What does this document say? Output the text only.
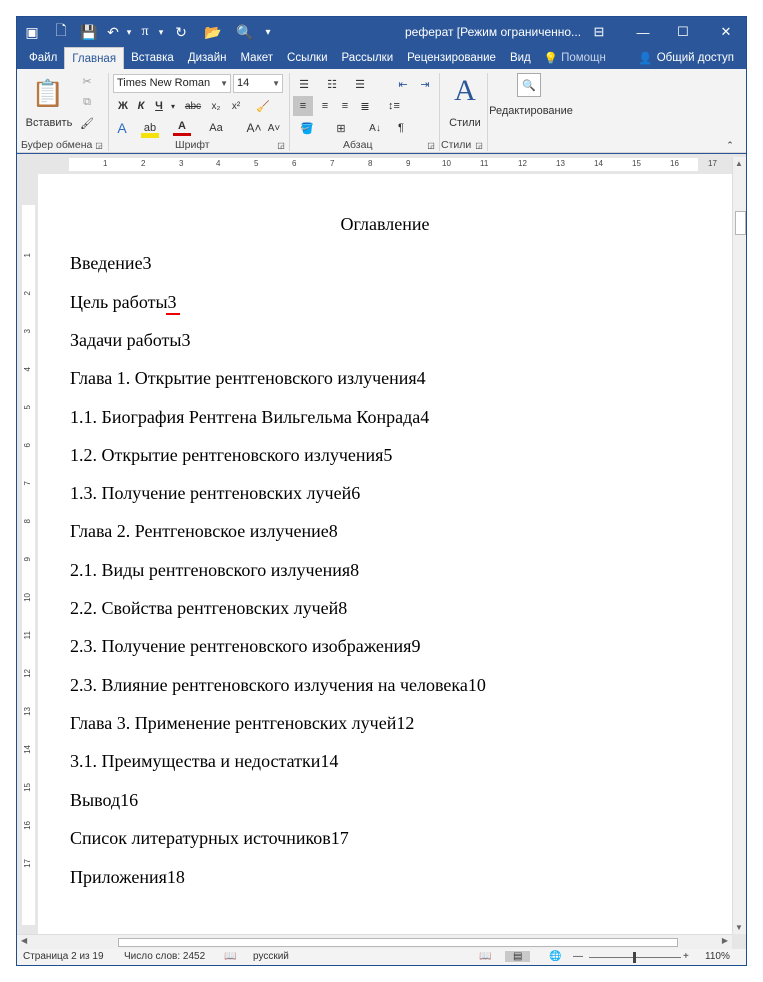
▣	🗋 💾 ↶ ▾ π	▾ ↻	📂	🔍	▾	реферат [Режим ограниченно... ⊟	—	☐	✕
Файл	Главная	Вставка	Дизайн	Макет	Ссылки	Рассылки	Рецензирование	Вид	💡 Помощн	👤 Общий доступ
📋
Вставить
✂
⧉
🖌
Буфер обмена ◲
Times New Roman ▼ 14	▼
Ж К Ч	▾ abc	x₂	x²	🧹
A	ab	A	Aa	A˄ A˅
Шрифт	◲
☰	☷	☰	⇤	⇥
≡	≡	≡	≣	↕≡
🪣	⊞	A↓	¶
Абзац	◲
A
Стили
Стили ◲
🔍
Редактирование
⌃
1	2	3	4	5	6	7	8	9	10	11	12	13	14	15	16	17
1
2
3
4
5
6
7
8
9
10
11
12
13
14
15
16
17
Оглавление
Введение3
Цель работы3
Задачи работы3
Глава 1. Открытие рентгеновского излучения4
1.1. Биография Рентгена Вильгельма Конрада4
1.2. Открытие рентгеновского излучения5
1.3. Получение рентгеновских лучей6
Глава 2. Рентгеновское излучение8
2.1. Виды рентгеновского излучения8
2.2. Свойства рентгеновских лучей8
2.3. Получение рентгеновского изображения9
2.3. Влияние рентгеновского излучения на человека10
Глава 3. Применение рентгеновских лучей12
3.1. Преимущества и недостатки14
Вывод16
Список литературных источников17
Приложения18
▲
▼
◀	▶
Страница 2 из 19 Число слов: 2452 📖 русский	📖	▤	🌐 —	+ 110%
